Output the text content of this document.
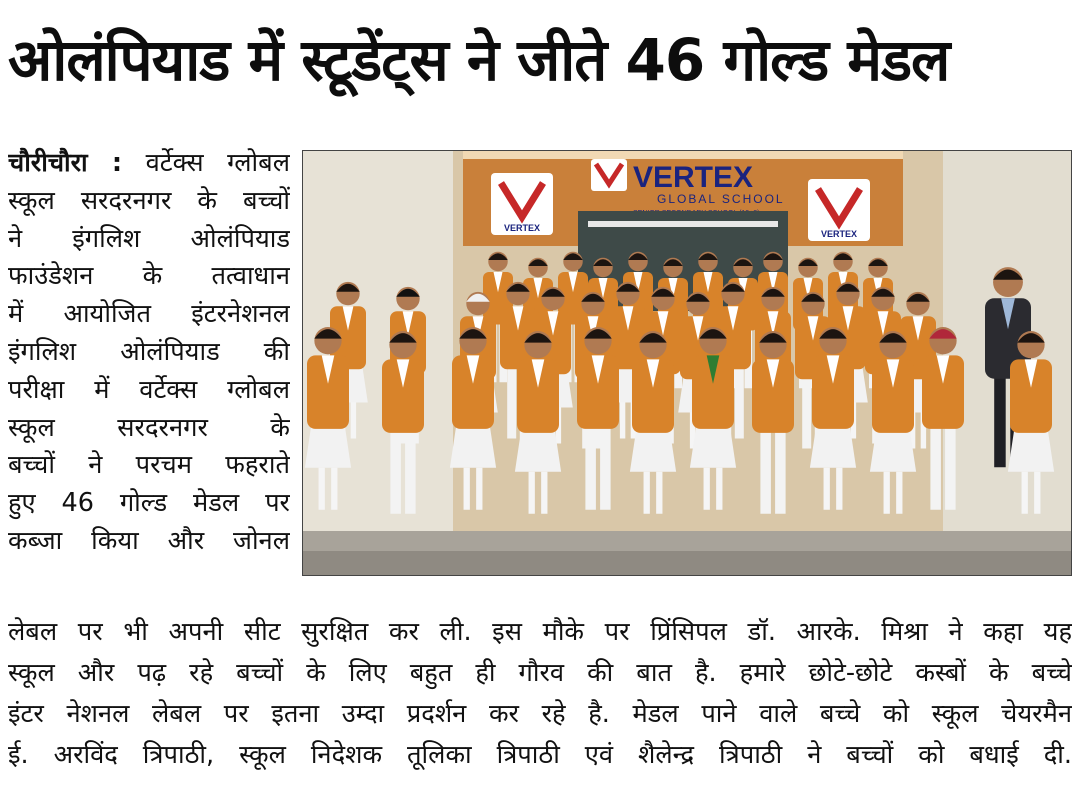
ओलंपियाड में स्टूडेंट्स ने जीते 46 गोल्ड मेडल
चौरीचौरा : वर्टेक्स ग्लोबल
स्कूल सरदरनगर के बच्चों
ने इंगलिश ओलंपियाड
फाउंडेशन के तत्वाधान
में आयोजित इंटरनेशनल
इंगलिश ओलंपियाड की
परीक्षा में वर्टेक्स ग्लोबल
स्कूल सरदरनगर के
बच्चों ने परचम फहराते
हुए 46 गोल्ड मेडल पर
कब्जा किया और जोनल
VERTEX
VERTEX
VERTEX
GLOBAL SCHOOL
लेबल पर भी अपनी सीट सुरक्षित कर ली. इस मौके पर प्रिंसिपल डॉ. आरके. मिश्रा ने कहा यह
स्कूल और पढ़ रहे बच्चों के लिए बहुत ही गौरव की बात है. हमारे छोटे-छोटे कस्बों के बच्चे
इंटर नेशनल लेबल पर इतना उम्दा प्रदर्शन कर रहे है. मेडल पाने वाले बच्चे को स्कूल चेयरमैन
ई. अरविंद त्रिपाठी, स्कूल निदेशक तूलिका त्रिपाठी एवं शैलेन्द्र त्रिपाठी ने बच्चों को बधाई दी.
